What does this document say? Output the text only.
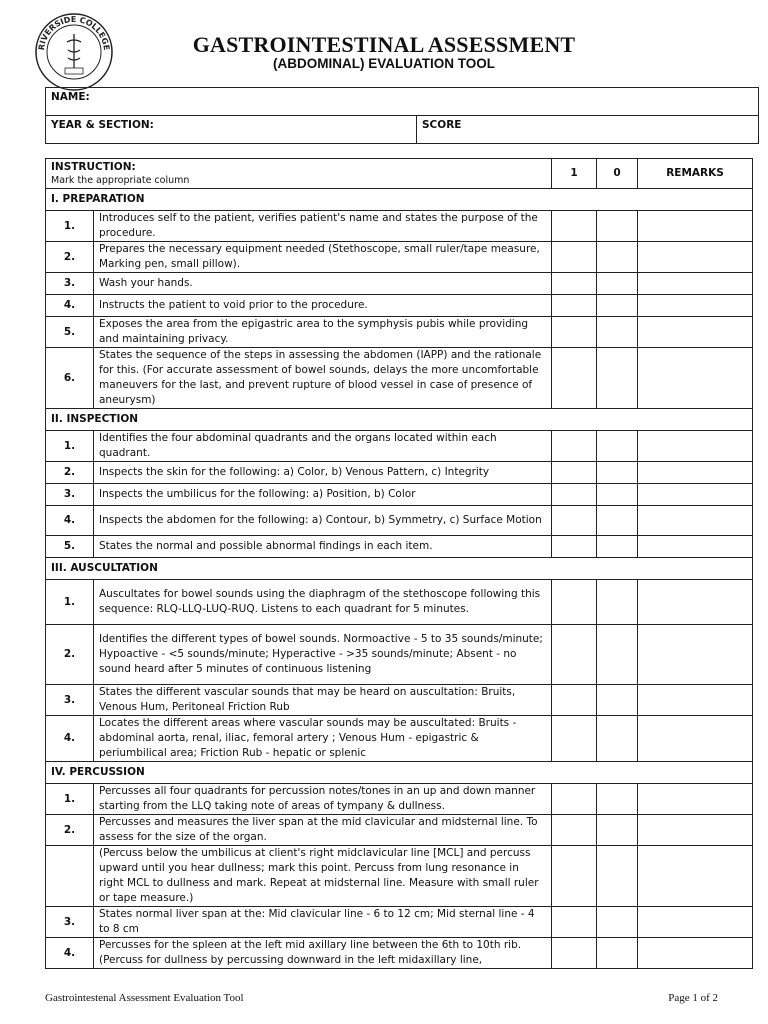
RIVERSIDE COLLEGE	GASTROINTESTINAL ASSESSMENT
(ABDOMINAL) EVALUATION TOOL
NAME:
YEAR & SECTION:	SCORE
INSTRUCTION:
Mark the appropriate column		1	0	REMARKS
I. PREPARATION				
1.	Introduces self to the patient, verifies patient's name and states the purpose of the procedure.			
2.	Prepares the necessary equipment needed (Stethoscope, small ruler/tape measure, Marking pen, small pillow).			
3.	Wash your hands.			
4.	Instructs the patient to void prior to the procedure.			
5.	Exposes the area from the epigastric area to the symphysis pubis while providing and maintaining privacy.			
6.	States the sequence of the steps in assessing the abdomen (IAPP) and the rationale for this. (For accurate assessment of bowel sounds, delays the more uncomfortable maneuvers for the last, and prevent rupture of blood vessel in case of presence of aneurysm)			
II. INSPECTION				
1.	Identifies the four abdominal quadrants and the organs located within each quadrant.			
2.	Inspects the skin for the following: a) Color, b) Venous Pattern, c) Integrity			
3.	Inspects the umbilicus for the following: a) Position, b) Color			
4.	Inspects the abdomen for the following: a) Contour, b) Symmetry, c) Surface Motion			
5.	States the normal and possible abnormal findings in each item.			
III. AUSCULTATION				
1.	Auscultates for bowel sounds using the diaphragm of the stethoscope following this sequence: RLQ-LLQ-LUQ-RUQ. Listens to each quadrant for 5 minutes.			
2.	Identifies the different types of bowel sounds. Normoactive - 5 to 35 sounds/minute; Hypoactive - <5 sounds/minute; Hyperactive - >35 sounds/minute; Absent - no sound heard after 5 minutes of continuous listening			
3.	States the different vascular sounds that may be heard on auscultation: Bruits, Venous Hum, Peritoneal Friction Rub			
4.	Locates the different areas where vascular sounds may be auscultated: Bruits - abdominal aorta, renal, iliac, femoral artery ; Venous Hum - epigastric & periumbilical area; Friction Rub - hepatic or splenic			
IV. PERCUSSION				
1.	Percusses all four quadrants for percussion notes/tones in an up and down manner starting from the LLQ taking note of areas of tympany & dullness.			
2.	Percusses and measures the liver span at the mid clavicular and midsternal line. To assess for the size of the organ.			
	(Percuss below the umbilicus at client's right midclavicular line [MCL] and percuss upward until you hear dullness; mark this point. Percuss from lung resonance in right MCL to dullness and mark. Repeat at midsternal line. Measure with small ruler or tape measure.)			
3.	States normal liver span at the: Mid clavicular line - 6 to 12 cm; Mid sternal line - 4 to 8 cm			
4.	Percusses for the spleen at the left mid axillary line between the 6th to 10th rib. (Percuss for dullness by percussing downward in the left midaxillary line,			
Gastrointestenal Assessment Evaluation Tool	Page 1 of 2
